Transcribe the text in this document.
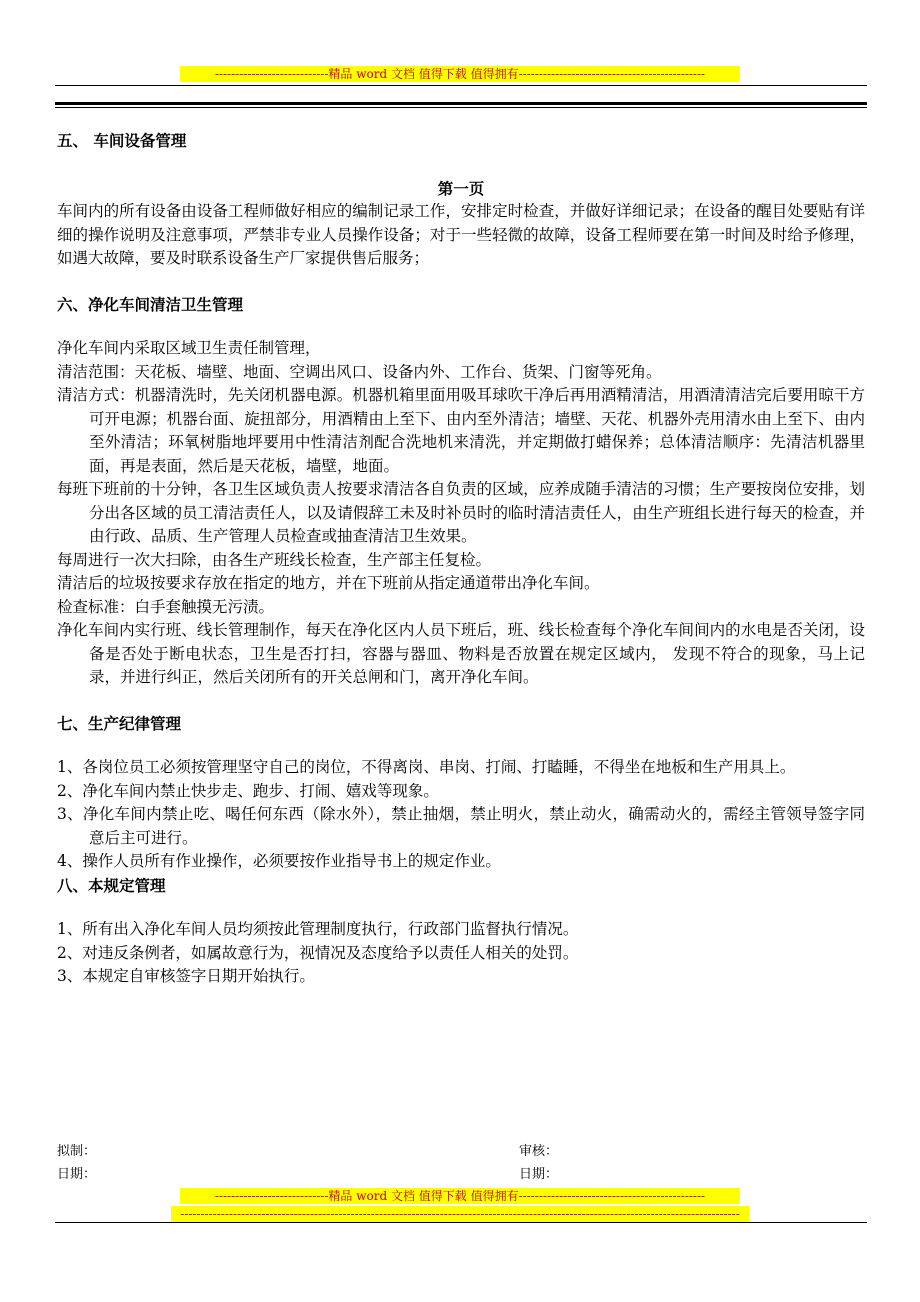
----------------------------精品 word 文档 值得下载 值得拥有----------------------------------------------
五、 车间设备管理
第一页

车间内的所有设备由设备工程师做好相应的编制记录工作，安排定时检查，并做好详细记录；在设备的醒目处要贴有详细的操作说明及注意事项，严禁非专业人员操作设备；对于一些轻微的故障，设备工程师要在第一时间及时给予修理，如遇大故障，要及时联系设备生产厂家提供售后服务；

六、净化车间清洁卫生管理

净化车间内采取区域卫生责任制管理，

清洁范围：天花板、墙壁、地面、空调出风口、设备内外、工作台、货架、门窗等死角。

清洁方式：机器清洗时，先关闭机器电源。机器机箱里面用吸耳球吹干净后再用酒精清洁，用酒清清洁完后要用晾干方可开电源；机器台面、旋扭部分，用酒精由上至下、由内至外清洁；墙壁、天花、机器外壳用清水由上至下、由内至外清洁；环氧树脂地坪要用中性清洁剂配合洗地机来清洗，并定期做打蜡保养；总体清洁顺序：先清洁机器里面，再是表面，然后是天花板，墙壁，地面。

每班下班前的十分钟，各卫生区域负责人按要求清洁各自负责的区域，应养成随手清洁的习惯；生产要按岗位安排，划分出各区域的员工清洁责任人，以及请假辞工未及时补员时的临时清洁责任人，由生产班组长进行每天的检查，并由行政、品质、生产管理人员检查或抽查清洁卫生效果。

每周进行一次大扫除，由各生产班线长检查，生产部主任复检。

清洁后的垃圾按要求存放在指定的地方，并在下班前从指定通道带出净化车间。

检查标准：白手套触摸无污渍。

净化车间内实行班、线长管理制作，每天在净化区内人员下班后，班、线长检查每个净化车间间内的水电是否关闭，设备是否处于断电状态，卫生是否打扫，容器与器皿、物料是否放置在规定区域内， 发现不符合的现象，马上记录，并进行纠正，然后关闭所有的开关总闸和门，离开净化车间。

七、生产纪律管理

1、各岗位员工必须按管理坚守自己的岗位，不得离岗、串岗、打闹、打瞌睡，不得坐在地板和生产用具上。

2、净化车间内禁止快步走、跑步、打闹、嬉戏等现象。

3、净化车间内禁止吃、喝任何东西（除水外），禁止抽烟，禁止明火，禁止动火，确需动火的，需经主管领导签字同意后主可进行。

4、操作人员所有作业操作，必须要按作业指导书上的规定作业。

八、本规定管理

1、所有出入净化车间人员均须按此管理制度执行，行政部门监督执行情况。

2、对违反条例者，如属故意行为，视情况及态度给予以责任人相关的处罚。

3、本规定自审核签字日期开始执行。

拟制：	审核：
日期：	日期：
----------------------------精品 word 文档 值得下载 值得拥有----------------------------------------------
------------------------------------------------------------------------------------------------------------------------------------------
